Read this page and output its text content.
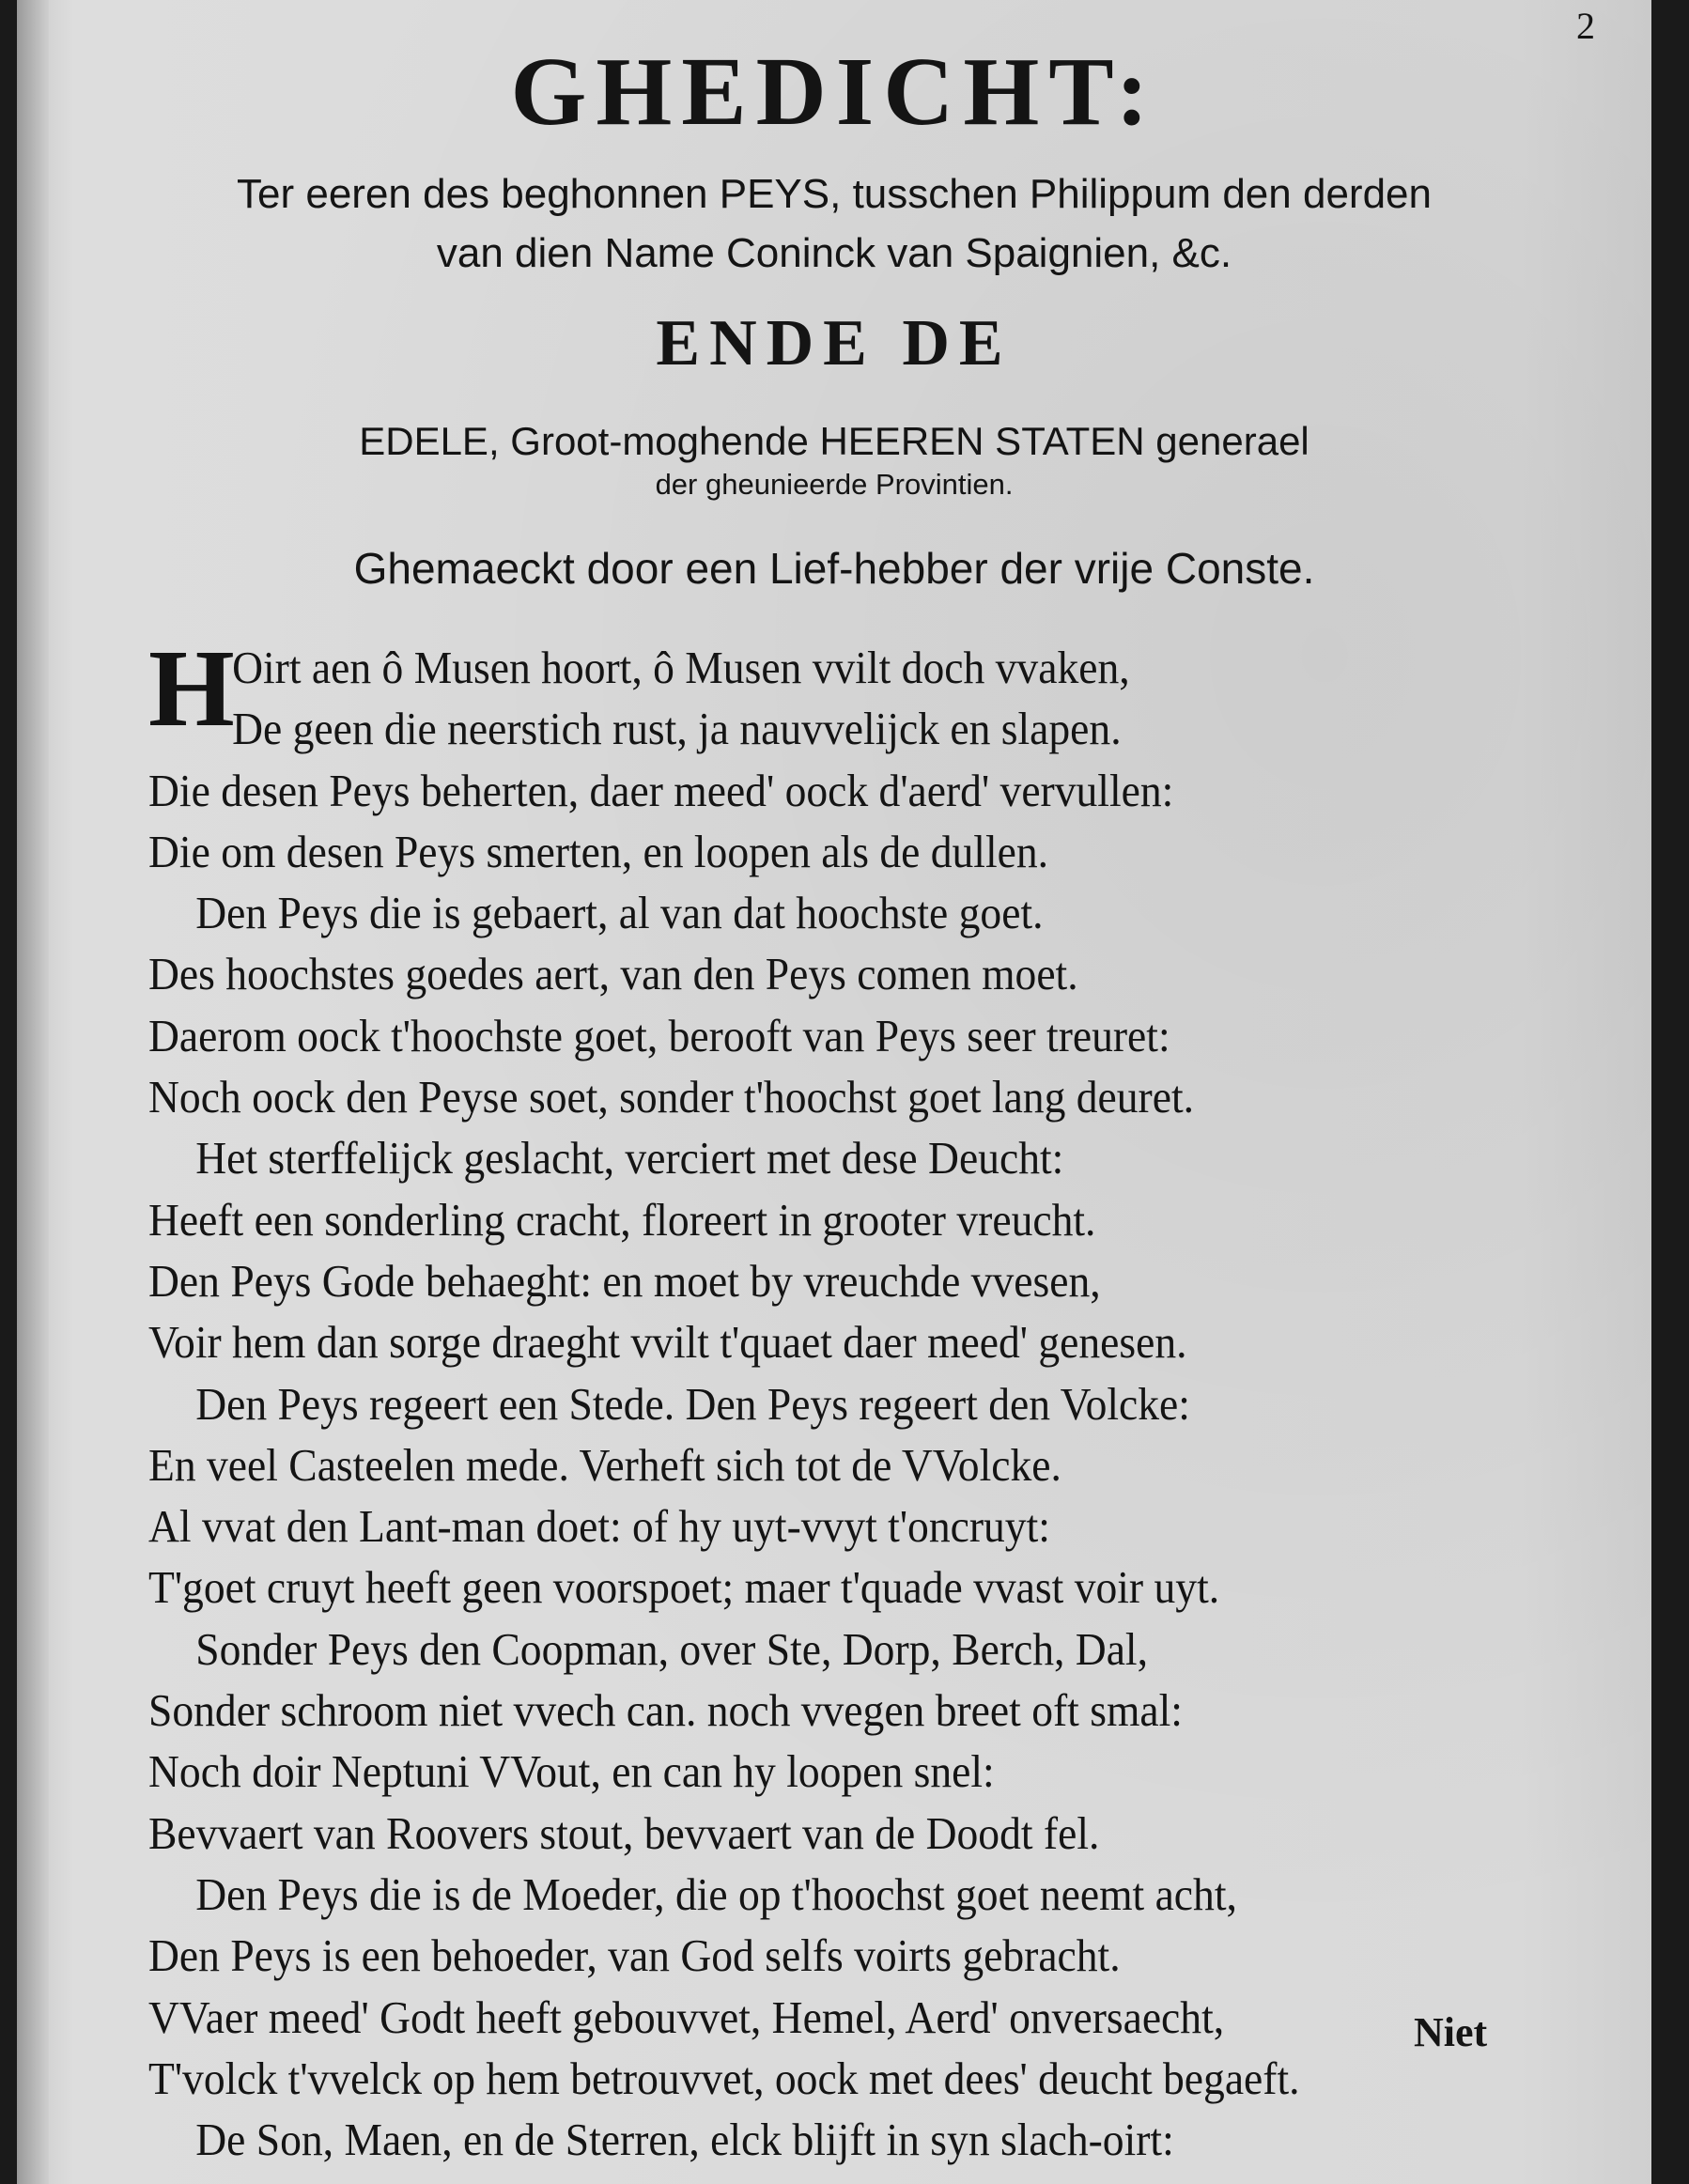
2
GHEDICHT:
Ter eeren des beghonnen PEYS, tusschen Philippum den derden
van dien Name Coninck van Spaignien, &c.
ENDE DE
EDELE, Groot-moghende HEEREN STATEN generael
der gheunieerde Provintien.
Ghemaeckt door een Lief-hebber der vrije Conste.
H
Oirt aen ô Musen hoort, ô Musen vvilt doch vvaken,
De geen die neerstich rust, ja nauvvelijck en slapen.
Die desen Peys beherten, daer meed' oock d'aerd' vervullen:
Die om desen Peys smerten, en loopen als de dullen.
Den Peys die is gebaert, al van dat hoochste goet.
Des hoochstes goedes aert, van den Peys comen moet.
Daerom oock t'hoochste goet, berooft van Peys seer treuret:
Noch oock den Peyse soet, sonder t'hoochst goet lang deuret.
Het sterffelijck geslacht, verciert met dese Deucht:
Heeft een sonderling cracht, floreert in grooter vreucht.
Den Peys Gode behaeght: en moet by vreuchde vvesen,
Voir hem dan sorge draeght vvilt t'quaet daer meed' genesen.
Den Peys regeert een Stede. Den Peys regeert den Volcke:
En veel Casteelen mede. Verheft sich tot de VVolcke.
Al vvat den Lant-man doet: of hy uyt-vvyt t'oncruyt:
T'goet cruyt heeft geen voorspoet; maer t'quade vvast voir uyt.
Sonder Peys den Coopman, over Ste, Dorp, Berch, Dal,
Sonder schroom niet vvech can. noch vvegen breet oft smal:
Noch doir Neptuni VVout, en can hy loopen snel:
Bevvaert van Roovers stout, bevvaert van de Doodt fel.
Den Peys die is de Moeder, die op t'hoochst goet neemt acht,
Den Peys is een behoeder, van God selfs voirts gebracht.
VVaer meed' Godt heeft gebouvvet, Hemel, Aerd' onversaecht,
T'volck t'vvelck op hem betrouvvet, oock met dees' deucht begaeft.
De Son, Maen, en de Sterren, elck blijft in syn slach-oirt:
Niet
